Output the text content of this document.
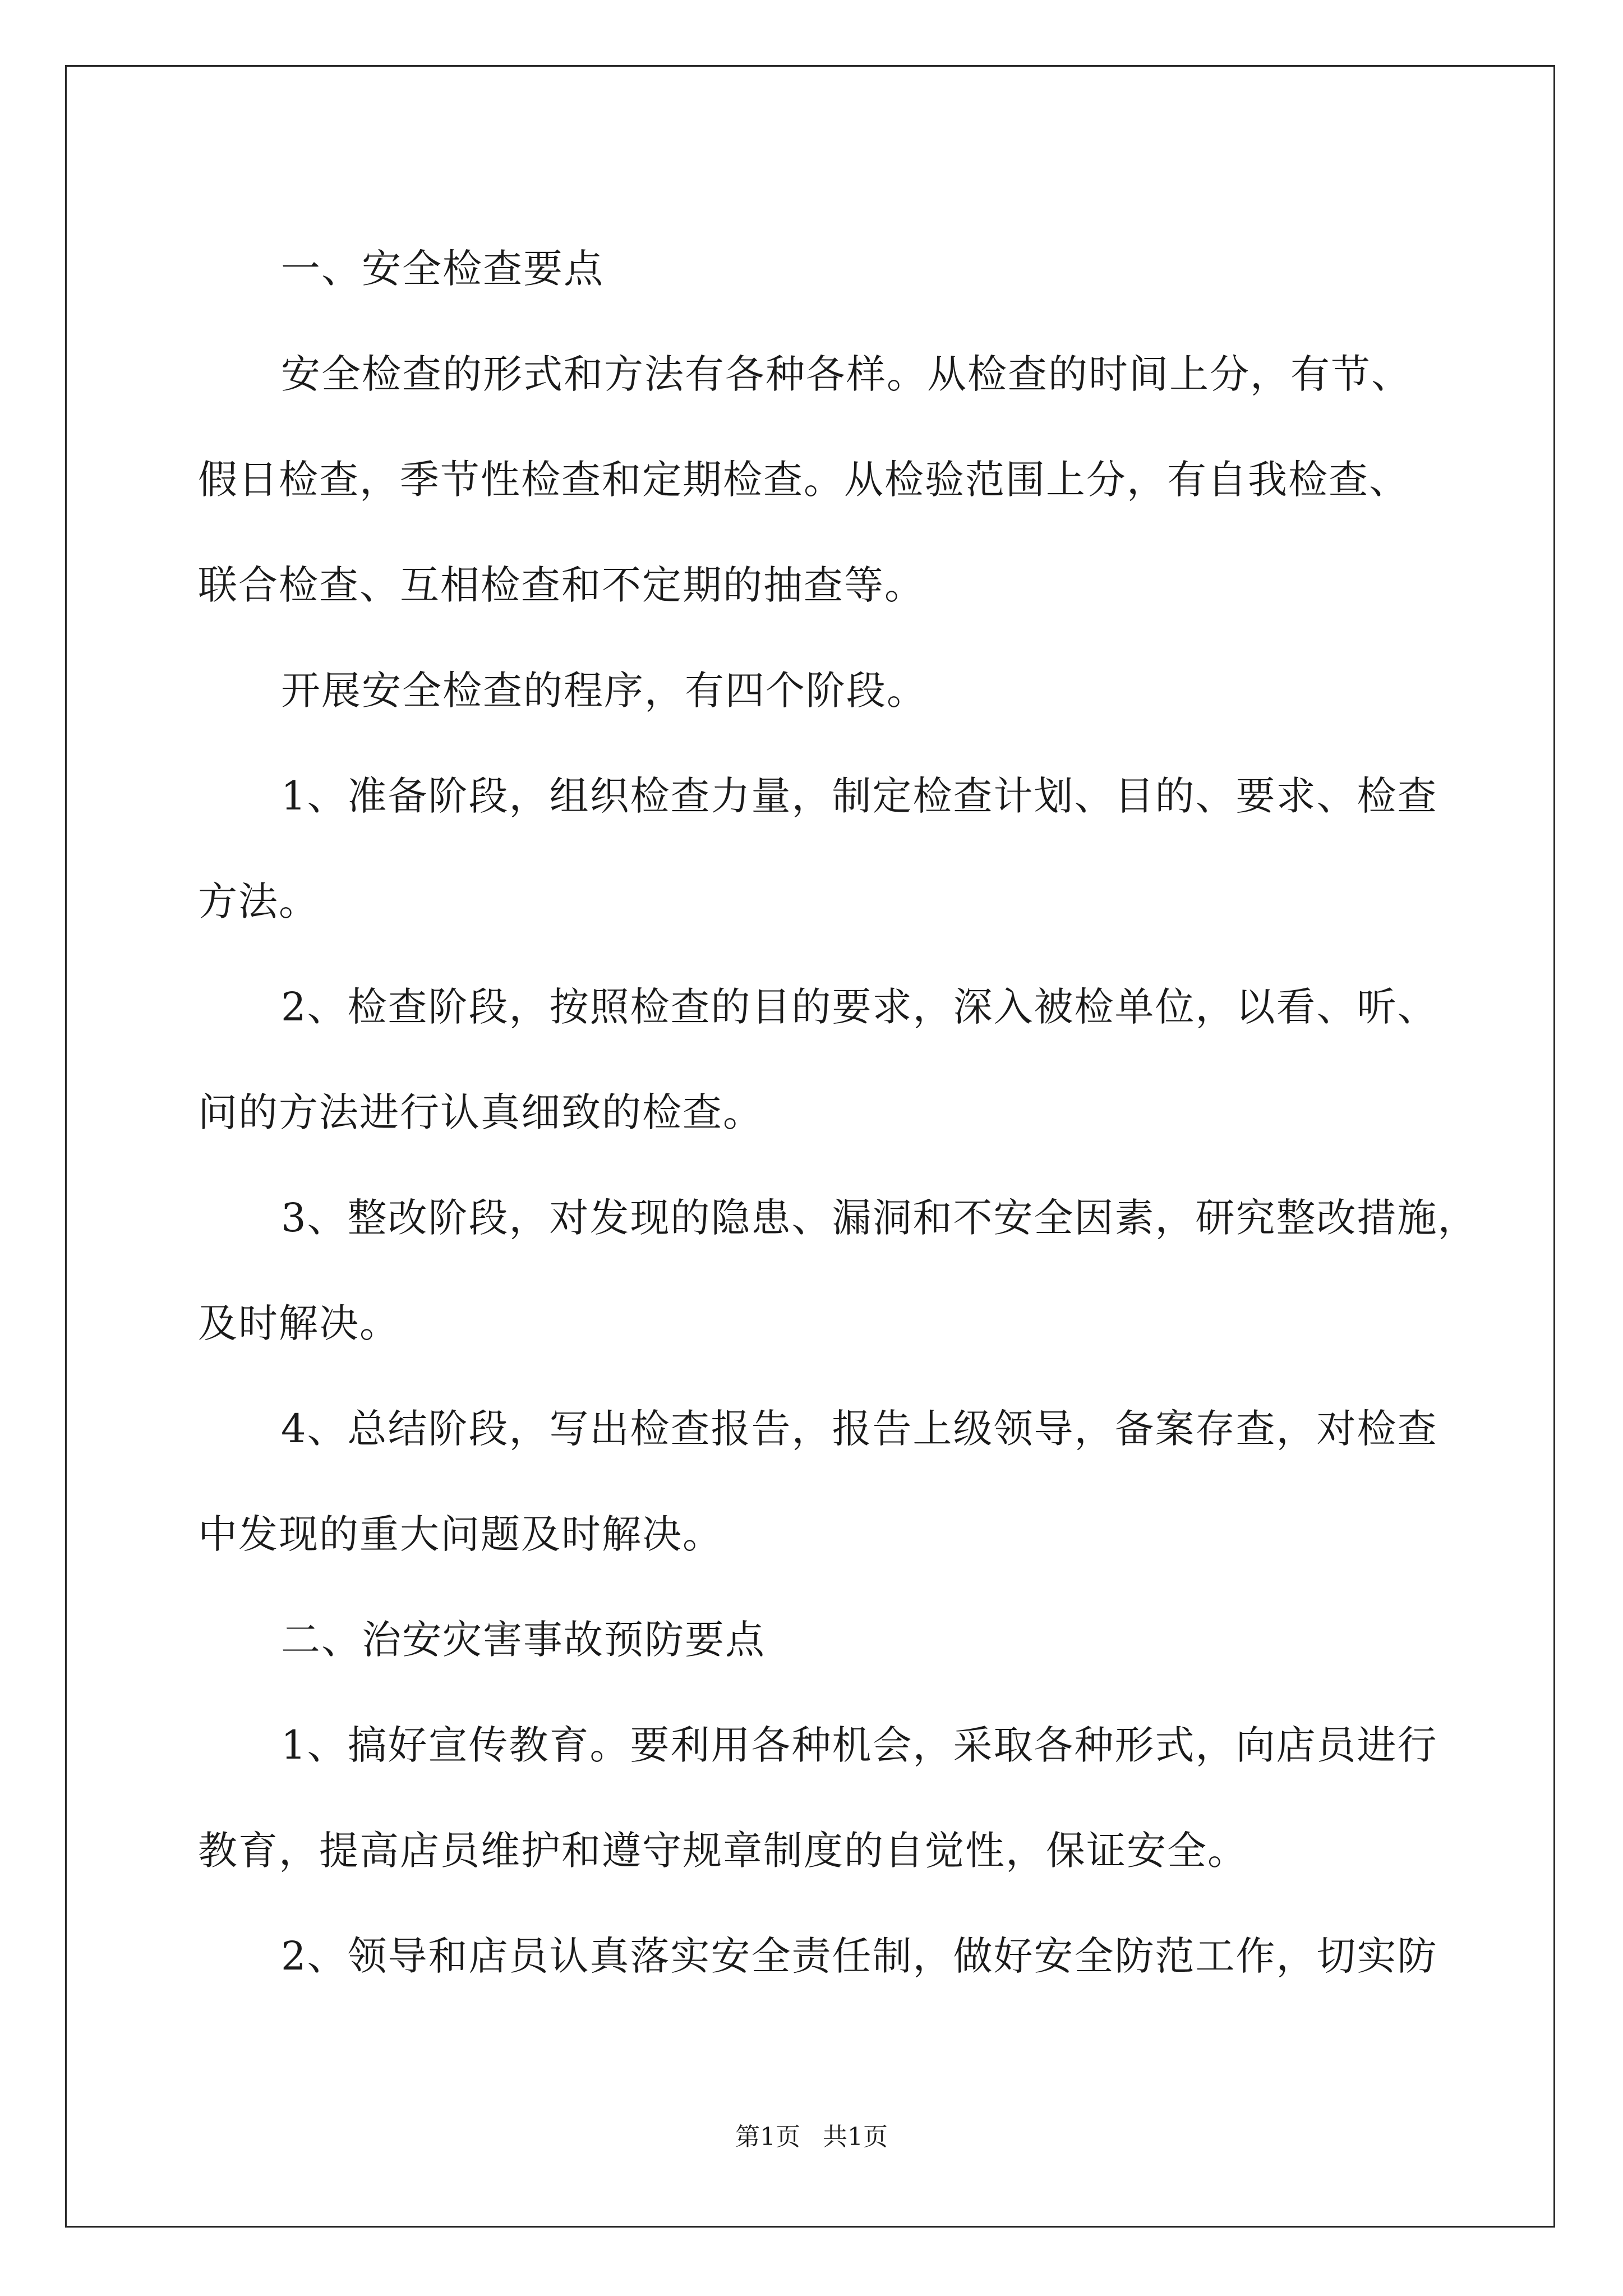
一、安全检查要点
安全检查的形式和方法有各种各样。从检查的时间上分，有节、
假日检查，季节性检查和定期检查。从检验范围上分，有自我检查、
联合检查、互相检查和不定期的抽查等。
开展安全检查的程序，有四个阶段。
1、准备阶段，组织检查力量，制定检查计划、目的、要求、检查
方法。
2、检查阶段，按照检查的目的要求，深入被检单位，以看、听、
问的方法进行认真细致的检查。
3、整改阶段，对发现的隐患、漏洞和不安全因素，研究整改措施，
及时解决。
4、总结阶段，写出检查报告，报告上级领导，备案存查，对检查
中发现的重大问题及时解决。
二、治安灾害事故预防要点
1、搞好宣传教育。要利用各种机会，采取各种形式，向店员进行
教育，提高店员维护和遵守规章制度的自觉性，保证安全。
2、领导和店员认真落实安全责任制，做好安全防范工作，切实防
第1页 共1页
